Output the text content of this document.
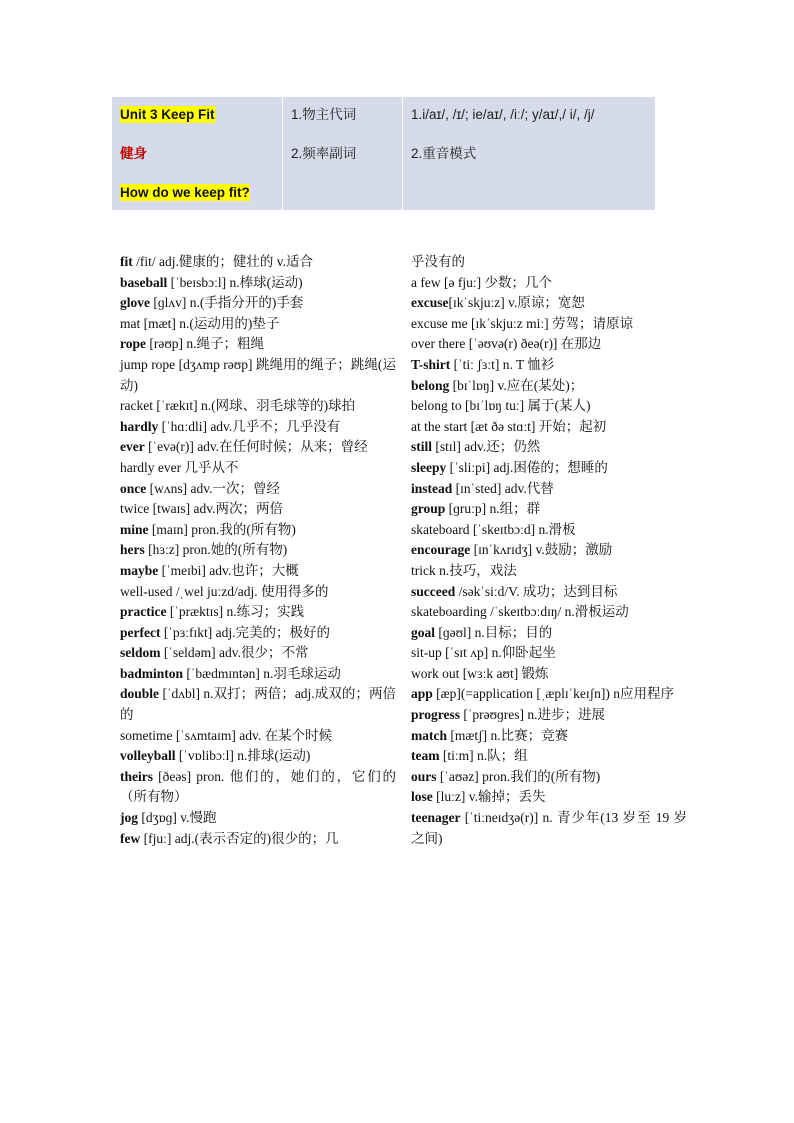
Unit 3 Keep Fit
健身
How do we keep fit?

1.物主代词
2.频率副词

1.i/aɪ/, /ɪ/; ie/aɪ/, /iː/; y/aɪ/,/ i/, /j/
2.重音模式

fit /fit/ adj.健康的；健壮的 v.适合

baseball [ˈbeɪsbɔːl] n.棒球(运动)

glove [ɡlʌv] n.(手指分开的)手套

mat [mæt] n.(运动用的)垫子

rope [rəʊp] n.绳子；粗绳

jump rope [dʒʌmp rəʊp] 跳绳用的绳子；跳绳(运动)

racket [ˈrækɪt] n.(网球、羽毛球等的)球拍

hardly [ˈhɑːdli] adv.几乎不；几乎没有

ever [ˈevə(r)] adv.在任何时候；从来；曾经

hardly ever 几乎从不

once [wʌns] adv.一次；曾经

twice [twaɪs] adv.两次；两倍

mine [maɪn] pron.我的(所有物)

hers [hɜːz] pron.她的(所有物)

maybe [ˈmeɪbi] adv.也许；大概

well-used /ˌwel juːzd/adj. 使用得多的

practice [ˈpræktɪs] n.练习；实践

perfect [ˈpɜːfɪkt] adj.完美的；极好的

seldom [ˈseldəm] adv.很少；不常

badminton [ˈbædmɪntən] n.羽毛球运动

double [ˈdʌbl] n.双打；两倍；adj.成双的；两倍的

sometime [ˈsʌmtaɪm] adv. 在某个时候

volleyball [ˈvɒlibɔːl] n.排球(运动)

theirs [ðeəs] pron. 他们的，她们的，它们的（所有物）

jog [dʒɒɡ] v.慢跑

few [fjuː] adj.(表示否定的)很少的；几

乎没有的

a few [ə fjuː] 少数；几个

excuse[ɪkˈskjuːz] v.原谅；宽恕

excuse me [ɪkˈskjuːz miː] 劳驾；请原谅

over there [ˈəʊvə(r) ðeə(r)] 在那边

T-shirt [ˈtiː ʃɜːt] n. T 恤衫

belong [bɪˈlɒŋ] v.应在(某处)；

belong to [bɪˈlɒŋ tuː] 属于(某人)

at the start [æt ðə stɑːt] 开始；起初

still [stɪl] adv.还；仍然

sleepy [ˈsliːpi] adj.困倦的；想睡的

instead [ɪnˈsted] adv.代替

group [ɡruːp] n.组；群

skateboard [ˈskeɪtbɔːd] n.滑板

encourage [ɪnˈkʌrɪdʒ] v.鼓励；激励

trick n.技巧，戏法

succeed /səkˈsiːd/V. 成功；达到目标

skateboarding /ˈskeɪtbɔːdɪŋ/ n.滑板运动

goal [ɡəʊl] n.目标；目的

sit-up [ˈsɪt ʌp] n.仰卧起坐

work out [wɜːk aʊt] 锻炼

app [æp](=application [ˌæplɪˈkeɪʃn]) n应用程序

progress [ˈprəʊɡres] n.进步；进展

match [mætʃ] n.比赛；竞赛

team [tiːm] n.队；组

ours [ˈaʊəz] pron.我们的(所有物)

lose [luːz] v.输掉；丢失

teenager [ˈtiːneɪdʒə(r)] n. 青少年(13 岁至 19 岁之间)
